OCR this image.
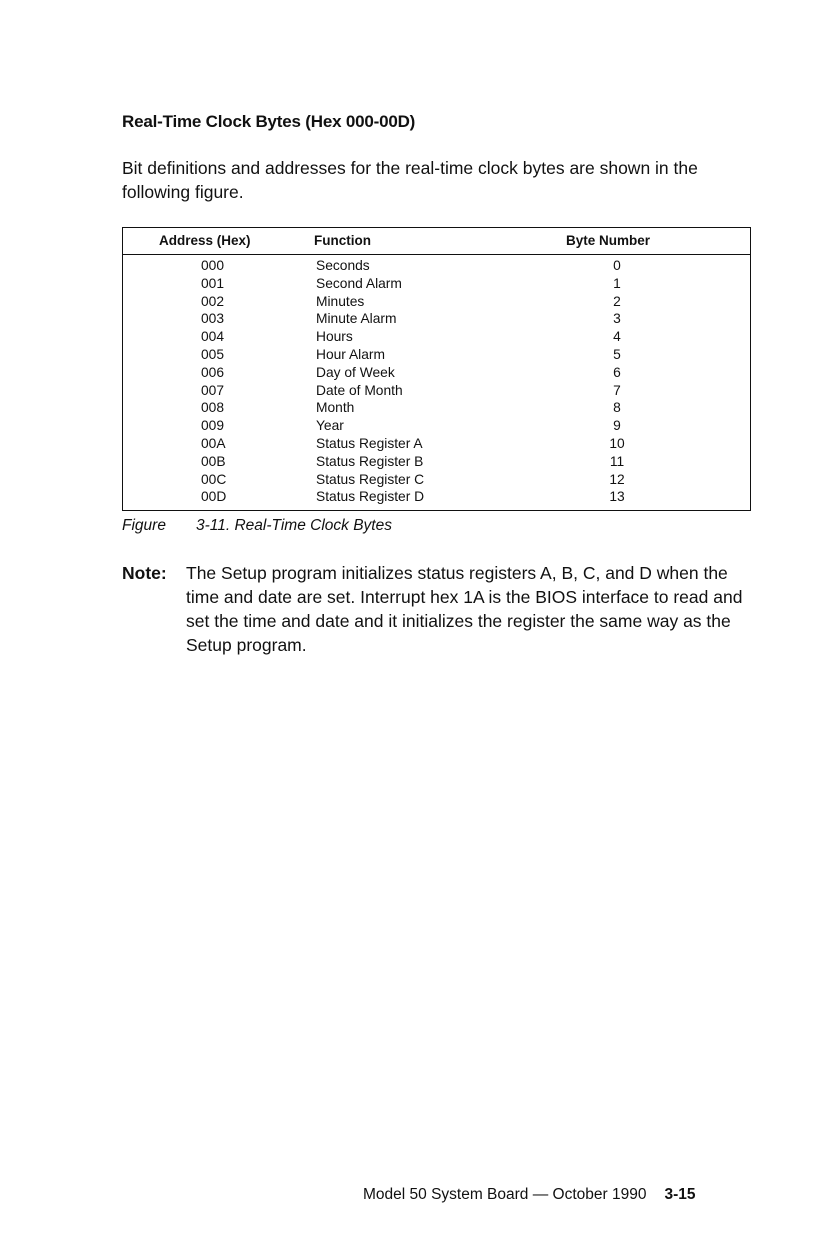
Real-Time Clock Bytes (Hex 000-00D)
Bit definitions and addresses for the real-time clock bytes are shown in the following figure.
Address (Hex)	Function	Byte Number
000	Seconds	0
001	Second Alarm	1
002	Minutes	2
003	Minute Alarm	3
004	Hours	4
005	Hour Alarm	5
006	Day of Week	6
007	Date of Month	7
008	Month	8
009	Year	9
00A	Status Register A	10
00B	Status Register B	11
00C	Status Register C	12
00D	Status Register D	13
Figure 3-11. Real-Time Clock Bytes
Note: The Setup program initializes status registers A, B, C, and D when the time and date are set. Interrupt hex 1A is the BIOS interface to read and set the time and date and it initializes the register the same way as the Setup program.
Model 50 System Board — October 1990 3-15
